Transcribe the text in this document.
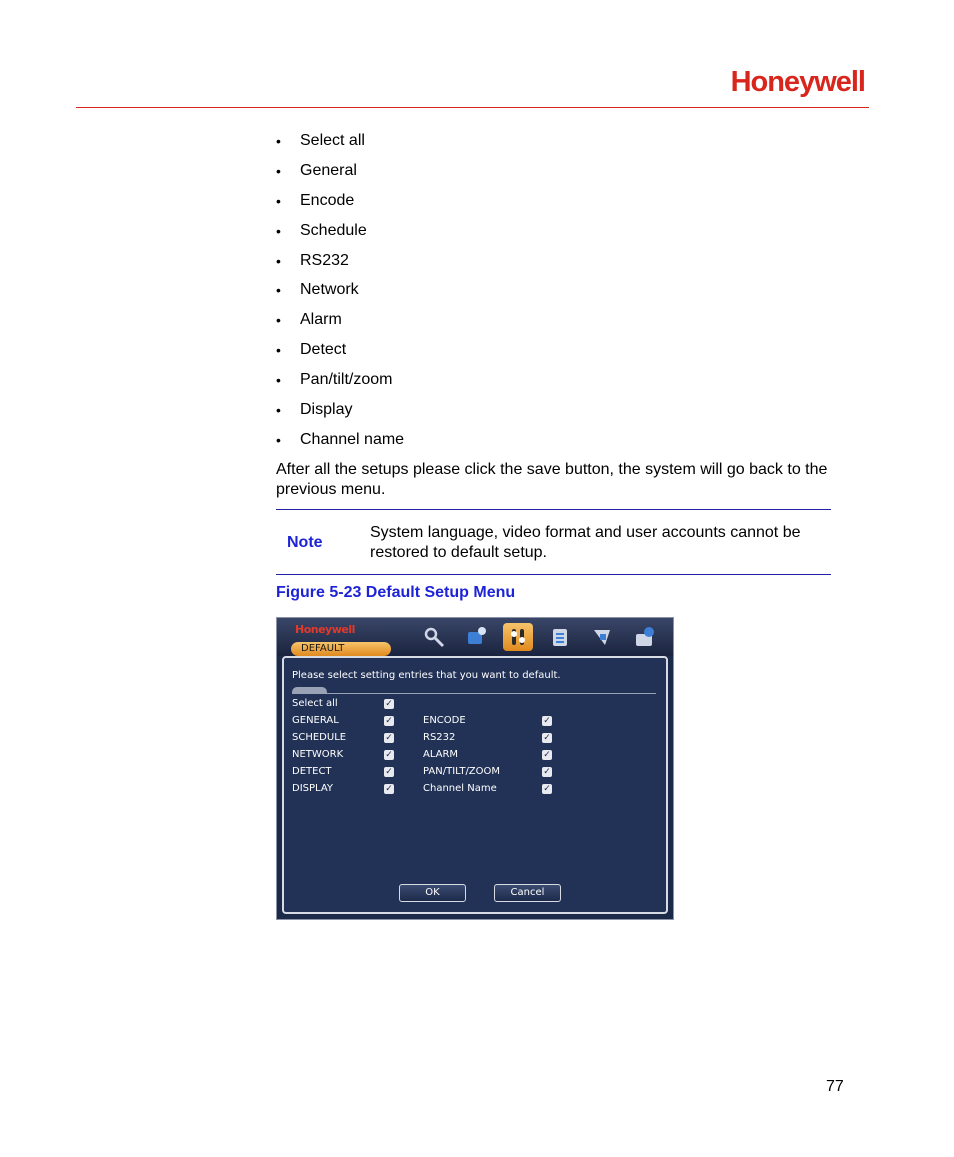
Honeywell
• Select all
• General
• Encode
• Schedule
• RS232
• Network
• Alarm
• Detect
• Pan/tilt/zoom
• Display
• Channel name
After all the setups please click the save button, the system will go back to the previous menu.
Note
System language, video format and user accounts cannot be restored to default setup.
Figure 5-23 Default Setup Menu
Honeywell
DEFAULT
Please select setting entries that you want to default.
Select all	✓
GENERAL	✓	ENCODE	✓
SCHEDULE	✓	RS232	✓
NETWORK	✓	ALARM	✓
DETECT	✓	PAN/TILT/ZOOM	✓
DISPLAY	✓	Channel Name	✓
OK	Cancel
77
